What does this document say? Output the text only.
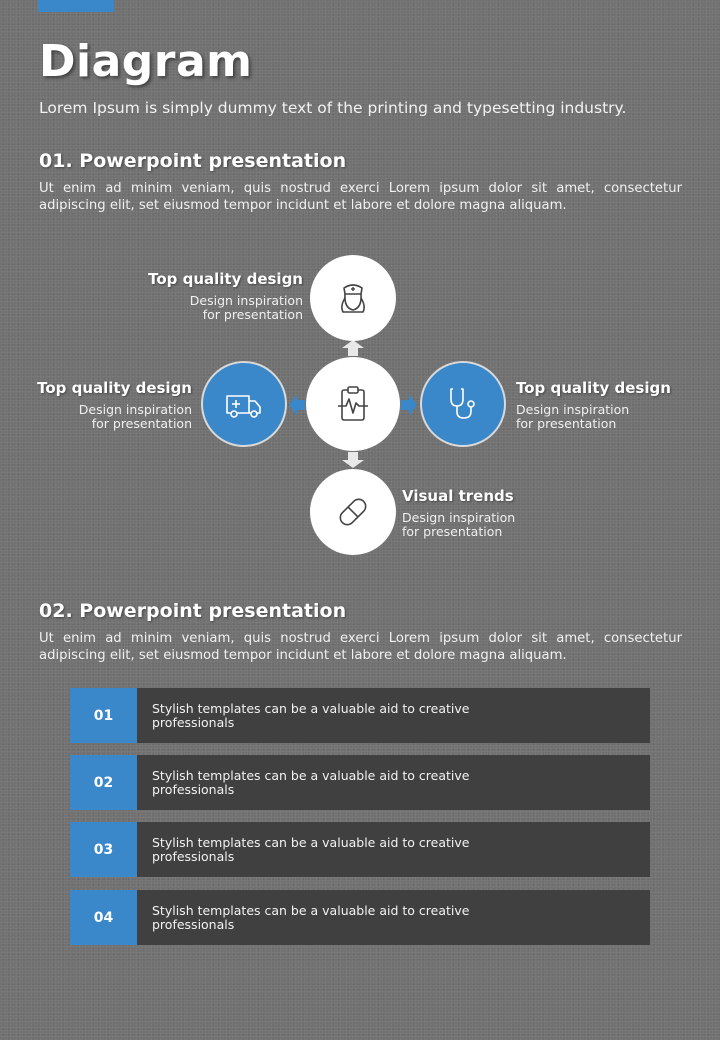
Diagram
Lorem Ipsum is simply dummy text of the printing and typesetting industry.
01. Powerpoint presentation
Ut enim ad minim veniam, quis nostrud exerci Lorem ipsum dolor sit amet, consectetur adipiscing elit, set eiusmod tempor incidunt et labore et dolore magna aliquam.
Top quality design
Design inspiration
for presentation
Top quality design
Design inspiration
for presentation
Top quality design
Design inspiration
for presentation
Visual trends
Design inspiration
for presentation
02. Powerpoint presentation
Ut enim ad minim veniam, quis nostrud exerci Lorem ipsum dolor sit amet, consectetur adipiscing elit, set eiusmod tempor incidunt et labore et dolore magna aliquam.
01	Stylish templates can be a valuable aid to creative professionals
02	Stylish templates can be a valuable aid to creative professionals
03	Stylish templates can be a valuable aid to creative professionals
04	Stylish templates can be a valuable aid to creative professionals
